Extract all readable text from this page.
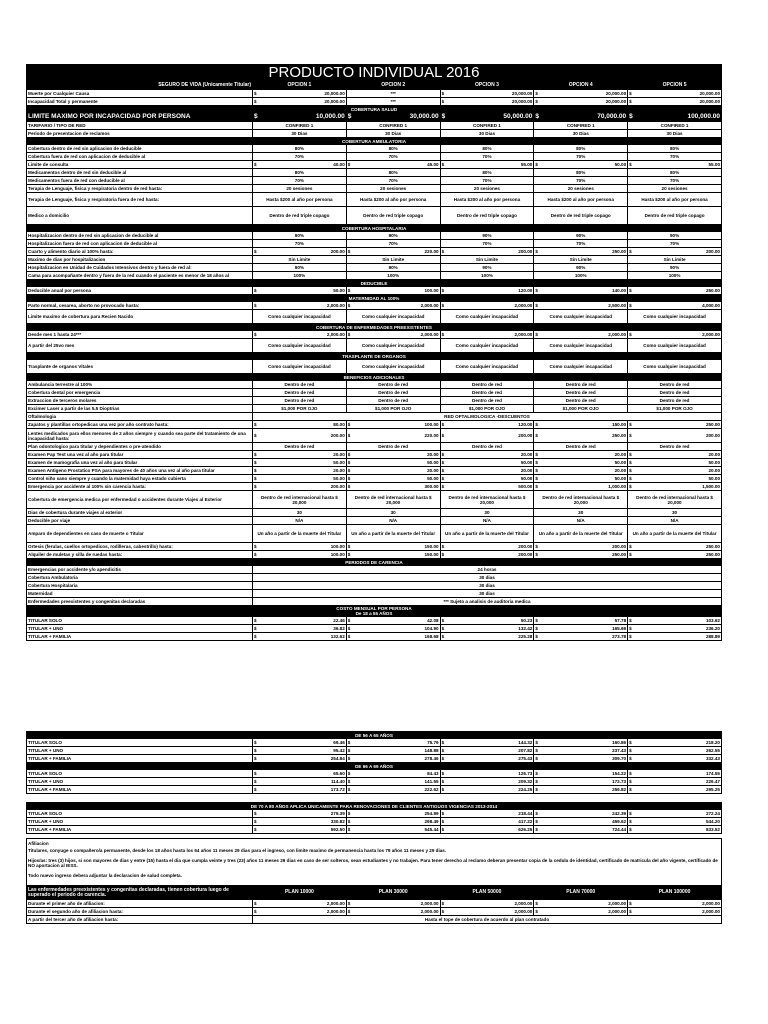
PRODUCTO INDIVIDUAL 2016										
SEGURO DE VIDA (Unicamente Titular)	OPCION 1		OPCION 2		OPCION 3		OPCION 4		OPCION 5	
Muerte por Cualquier Causa	$	20,000.00	***		$	20,000.00	$	20,000.00	$	20,000.00
Incapacidad Total y permanente	$	20,000.00	***		$	20,000.00	$	20,000.00	$	20,000.00
COBERTURA SALUD										
LIMITE MAXIMO POR INCAPACIDAD POR PERSONA	$	10,000.00	$	30,000.00	$	50,000.00	$	70,000.00	$	100,000.00
TARIFARIO / TIPO DE RED	CONFIRED 1		CONFIRED 1		CONFIRED 1		CONFIRED 1		CONFIRED 1	
Periodo de presentacion de reclamos	30 Dias		30 Dias		30 Dias		30 Dias		30 Dias	
COBERTURA AMBULATORIA										
Cobertura dentro de red sin aplicacion de deducible	80%		80%		80%		80%		80%	
Cobertura fuera de red con aplicacion de deducible al	70%		70%		70%		70%		70%	
Limite de consulta	$	40.00	$	45.00	$	55.00	$	50.00	$	55.00
Medicamentos dentro de red sin deducible al	80%		80%		80%		80%		80%	
Medicamentos fuera de red con deducible al	70%		70%		70%		70%		70%	
Terapia de Lenguaje, fisica y respiratoria dentro de red hasta:	20 sesiones		20 sesiones		20 sesiones		20 sesiones		20 sesiones	
Terapia de Lenguaje, fisica y respiratoria fuera de red hasta:	Hasta $200 al año por persona		Hasta $200 al año por persona		Hasta $200 al año por persona		Hasta $200 al año por persona		Hasta $200 al año por persona	
Medico a domicilio	Dentro de red triple copago		Dentro de red triple copago		Dentro de red triple copago		Dentro de red triple copago		Dentro de red triple copago	
COBERTURA HOSPITALARIA										
Hospitalizacion dentro de red sin aplicacion de deducible al	90%		90%		90%		90%		90%	
Hospitalizacion fuera de red con aplicacion de deducible al	70%		70%		70%		70%		70%	
Cuarto y alimento diario al 100% hasta:	$	200.00	$	220.00	$	200.00	$	250.00	$	200.00
Maximo de dias por hospitalizacion	Sin Limite		Sin Limite		Sin Limite		Sin Limite		Sin Limite	
Hospitalizacion en Unidad de Cuidados Intensivos dentro y fuera de red al:	90%		90%		90%		90%		90%	
Cama para acompañante dentro y fuera de la red cuando el paciente es menor de 18 años al	100%		100%		100%		100%		100%	
DEDUCIBLE										
Deducible anual por persona	$	50.00	$	100.00	$	120.00	$	140.00	$	250.00
MATERNIDAD AL 100%										
Parto normal, cesarea, aborto no provocado hasta:	$	2,000.00	$	2,000.00	$	2,000.00	$	2,500.00	$	4,000.00
Limite maximo de cobertura para Recien Nacido	Como cualquier incapacidad		Como cualquier incapacidad		Como cualquier incapacidad		Como cualquier incapacidad		Como cualquier incapacidad	
COBERTURA DE ENFERMEDADES PREEXISTENTES										
Desde mes 1 hasta 24***	$	2,000.00	$	2,000.00	$	2,000.00	$	2,000.00	$	2,000.00
A partir del 25vo mes	Como cualquier incapacidad		Como cualquier incapacidad		Como cualquier incapacidad		Como cualquier incapacidad		Como cualquier incapacidad	
TRASPLANTE DE ORGANOS										
Trasplante de organos Vitales	Como cualquier incapacidad		Como cualquier incapacidad		Como cualquier incapacidad		Como cualquier incapacidad		Como cualquier incapacidad	
BENEFICIOS ADICIONALES										
Ambulancia terrestre al 100%	Dentro de red		Dentro de red		Dentro de red		Dentro de red		Dentro de red	
Cobertura dental por emergencia	Dentro de red		Dentro de red		Dentro de red		Dentro de red		Dentro de red	
Extraccion de terceros molares	Dentro de red		Dentro de red		Dentro de red		Dentro de red		Dentro de red	
Excimer Laser a partir de las 5.5 Dioptrias	$1,000 POR OJO		$1,000 POR OJO		$1,000 POR OJO		$1,000 POR OJO		$1,000 POR OJO	
Oftalmologia	RED OFTALMOLOGICA -DESCUENTOS									
Zapatos y plantillas ortopedicas una vez por año contrato hasta:	$	80.00	$	100.00	$	120.00	$	150.00	$	250.00
Lentes medicados para ellos menores de 2 años siempre y cuando sea parte del tratamiento de una incapacidad hasta:	$	200.00	$	220.00	$	200.00	$	250.00	$	200.00
Plan odontologico para titular y dependientes o pre-atendido	Dentro de red		Dentro de red		Dentro de red		Dentro de red		Dentro de red	
Examen Pap Test una vez al año para titular	$	20.00	$	20.00	$	20.00	$	20.00	$	20.00
Examen de mamografia una vez al año para titular	$	50.00	$	50.00	$	50.00	$	50.00	$	50.00
Examen Antigeno Prostatico PSA para mayores de 40 años una vez al año para titular	$	20.00	$	20.00	$	20.00	$	20.00	$	20.00
Control niño sano siempre y cuando la maternidad haya estado cubierta	$	50.00	$	50.00	$	50.00	$	50.00	$	50.00
Emergencia por accidente al 100% sin carencia hasta:	$	200.00	$	300.00	$	500.00	$	1,000.00	$	1,500.00
Cobertura de emergencia medica por enfermedad o accidentes durante Viajes al Exterior	Dentro de red internacional hasta $ 20,000		Dentro de red internacional hasta $ 20,000		Dentro de red internacional hasta $ 20,000		Dentro de red internacional hasta $ 20,000		Dentro de red internacional hasta $ 20,000	
Dias de cobertura durante viajes al exterior	30		30		30		30		30	
Deducible por viaje	N/A		N/A		N/A		N/A		N/A	
Amparo de dependientes en caso de muerte o Titular	Un año a partir de la muerte del Titular		Un año a partir de la muerte del Titular		Un año a partir de la muerte del Titular		Un año a partir de la muerte del Titular		Un año a partir de la muerte del Titular	
Ortesis (ferulas, cuellos ortopedicos, rodilleras, cabestrillo) hasta:	$	100.00	$	150.00	$	200.00	$	200.00	$	250.00
Alquiler de muletas y silla de ruedas hasta:	$	100.00	$	150.00	$	200.00	$	250.00	$	250.00
PERIODOS DE CARENCIA										
Emergencias por accidente y/o apendicitis	24 horas									
Cobertura Ambulatoria	30 dias									
Cobertura Hospitalaria	30 dias									
Maternidad	30 dias									
Enfermedades preexistentes y congenitas declaradas	*** Sujeto a analisis de auditoria medica									
COSTO MENSUAL POR PERSONA
De 18 a 55 AÑOS										
TITULAR SOLO	$	22.46	$	42.08	$	50.23	$	57.78	$	103.62
TITULAR + UNO	$	36.82	$	104.90	$	132.42	$	165.69	$	236.20
TITULAR + FAMILIA	$	132.62	$	168.68	$	225.28	$	273.78	$	288.89
DE 56 A 65 AÑOS										
TITULAR SOLO	$	69.46	$	75.79	$	144.32	$	160.86	$	218.20
TITULAR + UNO	$	95.42	$	148.88	$	207.82	$	237.43	$	262.55
TITULAR + FAMILIA	$	254.84	$	278.46	$	275.43	$	309.70	$	332.43
DE 66 A 69 AÑOS										
TITULAR SOLO	$	65.60	$	84.43	$	126.73	$	154.22	$	174.55
TITULAR + UNO	$	114.40	$	141.55	$	209.32	$	172.73	$	226.47
TITULAR + FAMILIA	$	173.72	$	222.62	$	224.25	$	256.82	$	295.25

DE 70 A 80 AÑOS APLICA UNICAMENTE PARA RENOVACIONES DE CLIENTES ANTIGUOS VIGENCIAS 2013-2014										
TITULAR SOLO	$	279.39	$	254.89	$	218.44	$	242.39	$	272.24
TITULAR + UNO	$	330.82	$	298.49	$	417.22	$	459.62	$	544.20
TITULAR + FAMILIA	$	592.50	$	545.44	$	626.25	$	724.44	$	833.52

Afiliacion
Titulares, conyuge o compañero/a permanente, desde los 18 años hasta los 64 años 11 meses 29 dias para el ingreso, con limite maximo de permanencia hasta los 79 años 11 meses y 29 dias.
Hijos/as: tres (3) hijos, si son mayores de dias y entre (15) hasta el dia que cumpla veinte y tres (23) años 11 meses 29 dias en caso de ser solteros, sean estudiantes y no trabajen. Para tener derecho al reclamo deberan presentar copia de la cedula de identidad, certificado de matricula del año vigente, certificado de NO aportacion al IESS.
Todo nuevo ingreso debera adjuntar la declaracion de salud completa.										

Las enfermedades preexistentes y congenitas declaradas, tienen cobertura luego de superado el periodo de carencia.	PLAN 10000		PLAN 30000		PLAN 50000		PLAN 70000		PLAN 100000	
Durante el primer año de afiliacion:	$	2,000.00	$	2,000.00	$	2,000.00	$	2,000.00	$	2,000.00
Durante el segundo año de afiliacion hasta:	$	2,000.00	$	2,000.00	$	2,000.00	$	2,000.00	$	2,000.00
A partir del tercer año de afiliacion hasta:	Hasta el tope de cobertura de acuerdo al plan contratado									
